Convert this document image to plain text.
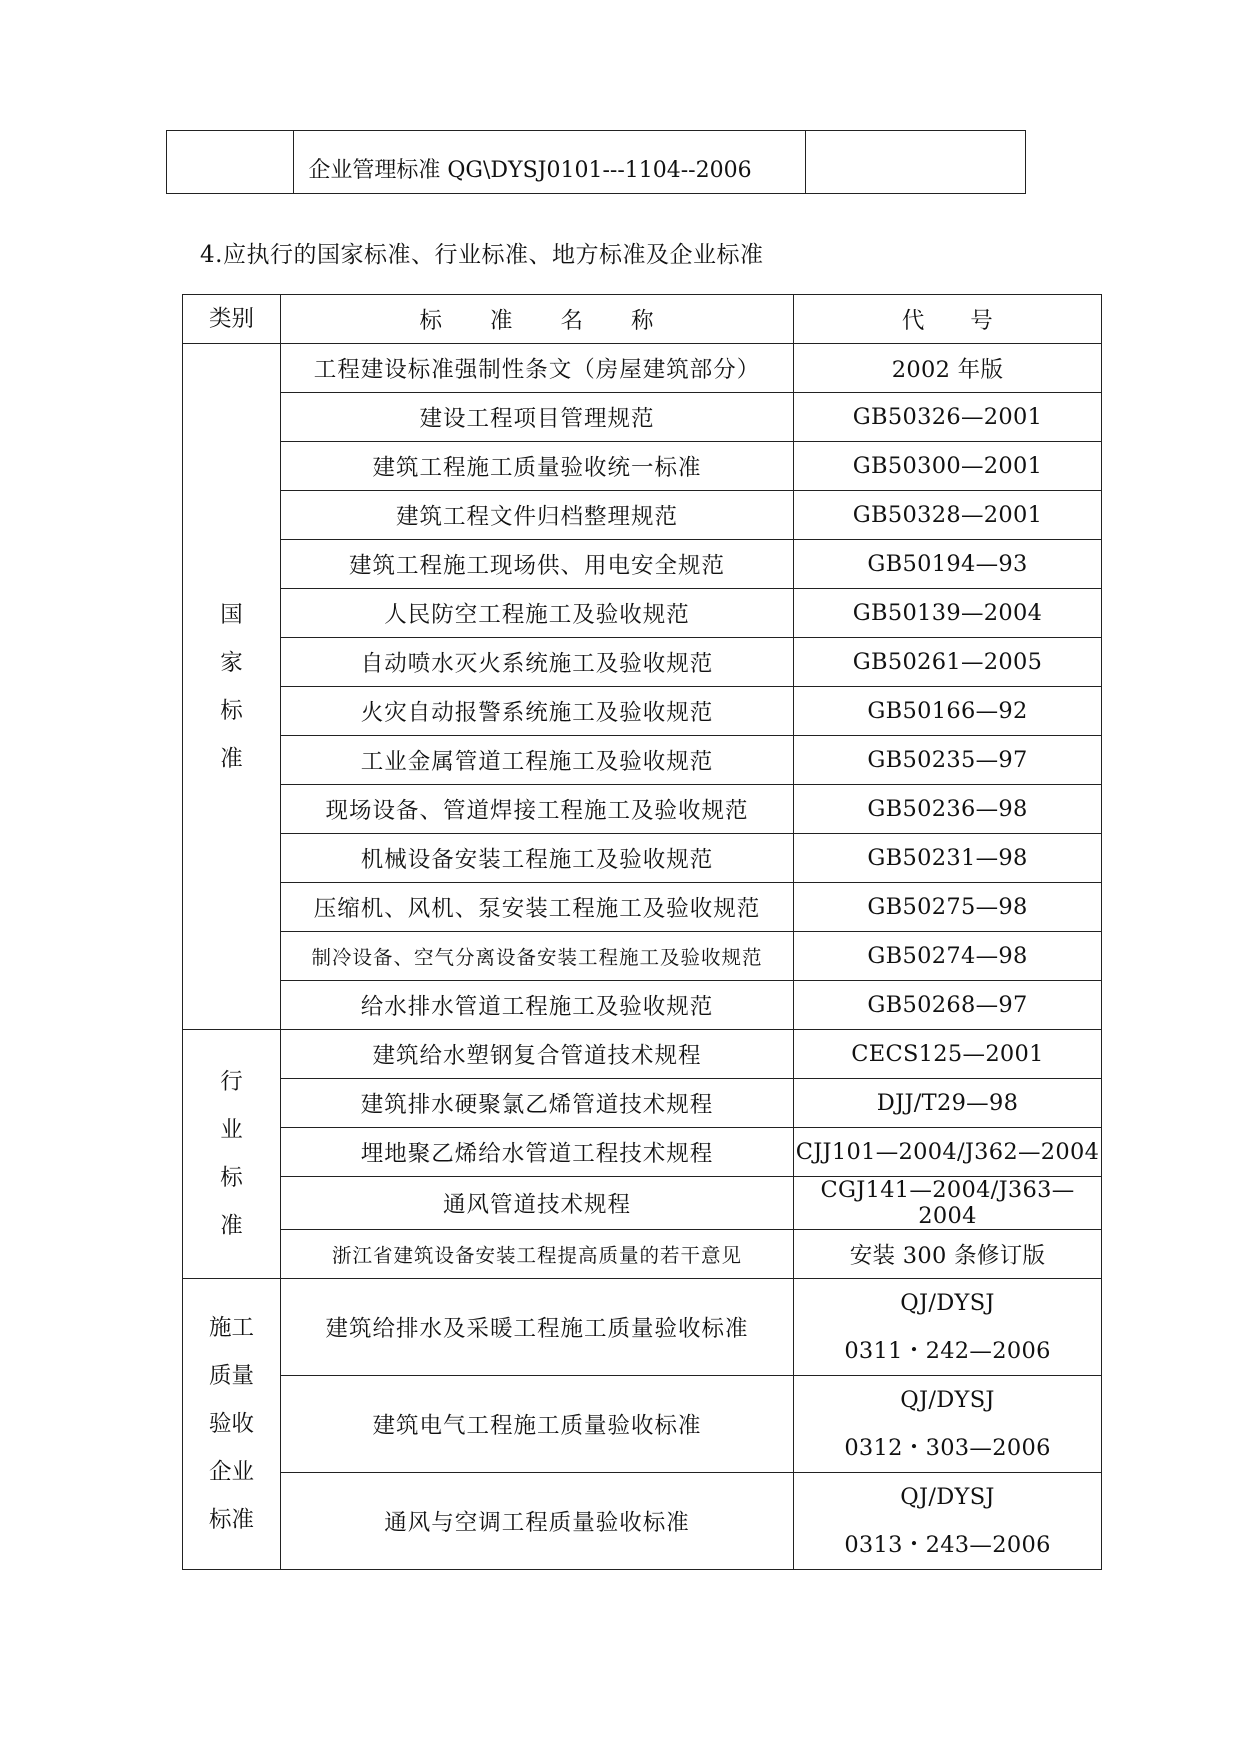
	企业管理标准 QG\DYSJ0101---1104--2006	
4.应执行的国家标准、行业标准、地方标准及企业标准
类别	标　　准　　名　　称	代　　号

国
家
标
准	工程建设标准强制性条文（房屋建筑部分）	2002 年版
	建设工程项目管理规范	GB50326—2001
	建筑工程施工质量验收统一标准	GB50300—2001
	建筑工程文件归档整理规范	GB50328—2001
	建筑工程施工现场供、用电安全规范	GB50194—93
	人民防空工程施工及验收规范	GB50139—2004
	自动喷水灭火系统施工及验收规范	GB50261—2005
	火灾自动报警系统施工及验收规范	GB50166—92
	工业金属管道工程施工及验收规范	GB50235—97
	现场设备、管道焊接工程施工及验收规范	GB50236—98
	机械设备安装工程施工及验收规范	GB50231—98
	压缩机、风机、泵安装工程施工及验收规范	GB50275—98
	制冷设备、空气分离设备安装工程施工及验收规范	GB50274—98
	给水排水管道工程施工及验收规范	GB50268—97

行
业
标
准	建筑给水塑钢复合管道技术规程	CECS125—2001
	建筑排水硬聚氯乙烯管道技术规程	DJJ/T29—98
	埋地聚乙烯给水管道工程技术规程	CJJ101—2004/J362—2004
	通风管道技术规程	CGJ141—2004/J363—2004
	浙江省建筑设备安装工程提高质量的若干意见	安装 300 条修订版

施工
质量
验收
企业
标准	建筑给排水及采暖工程施工质量验收标准	QJ/DYSJ
0311・242—2006

	建筑电气工程施工质量验收标准	QJ/DYSJ
0312・303—2006

	通风与空调工程质量验收标准	QJ/DYSJ
0313・243—2006
